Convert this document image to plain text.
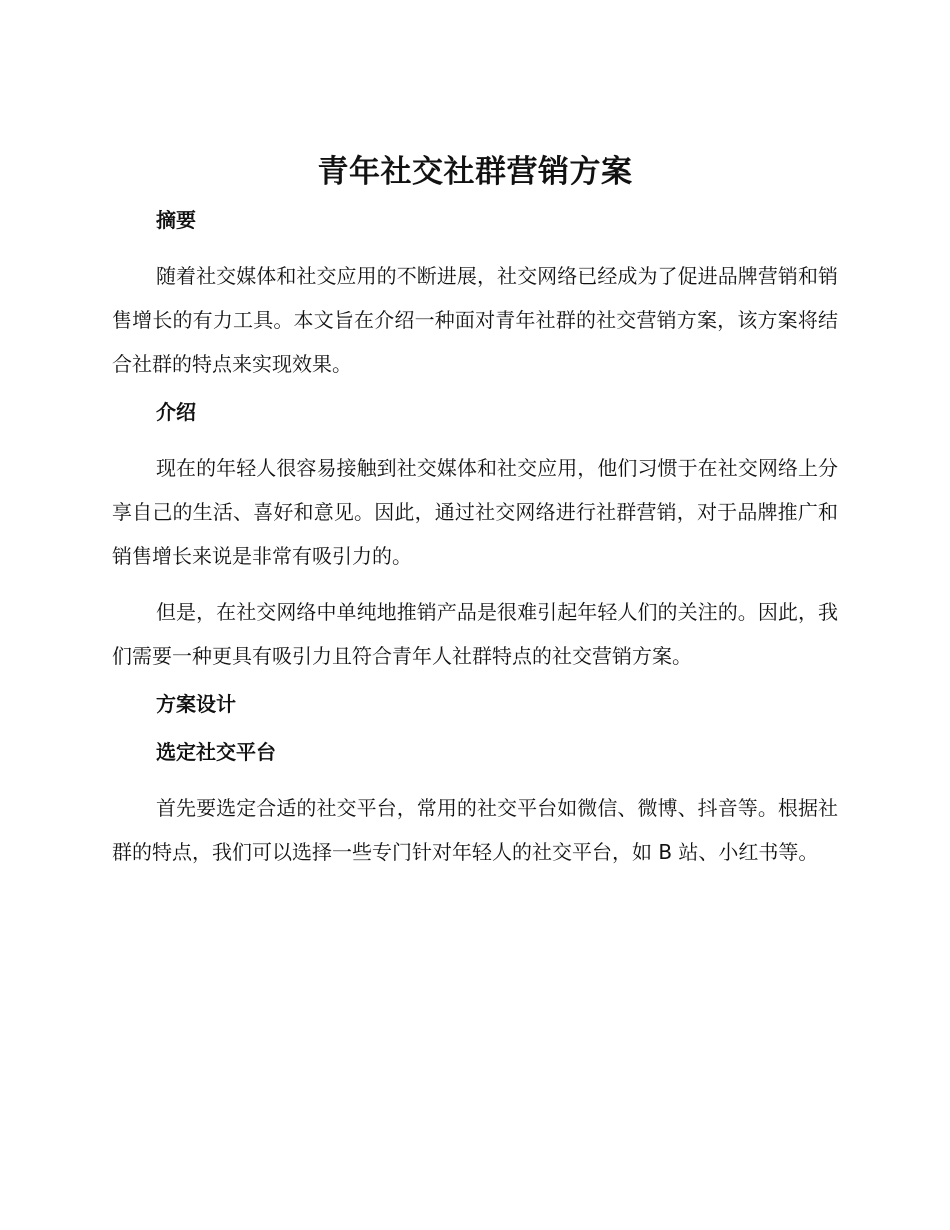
青年社交社群营销方案
摘要

随着社交媒体和社交应用的不断进展，社交网络已经成为了促进品牌营销和销售增长的有力工具。本文旨在介绍一种面对青年社群的社交营销方案，该方案将结合社群的特点来实现效果。

介绍

现在的年轻人很容易接触到社交媒体和社交应用，他们习惯于在社交网络上分享自己的生活、喜好和意见。因此，通过社交网络进行社群营销，对于品牌推广和销售增长来说是非常有吸引力的。

但是，在社交网络中单纯地推销产品是很难引起年轻人们的关注的。因此，我们需要一种更具有吸引力且符合青年人社群特点的社交营销方案。

方案设计
选定社交平台

首先要选定合适的社交平台，常用的社交平台如微信、微博、抖音等。根据社群的特点，我们可以选择一些专门针对年轻人的社交平台，如 B 站、小红书等。
